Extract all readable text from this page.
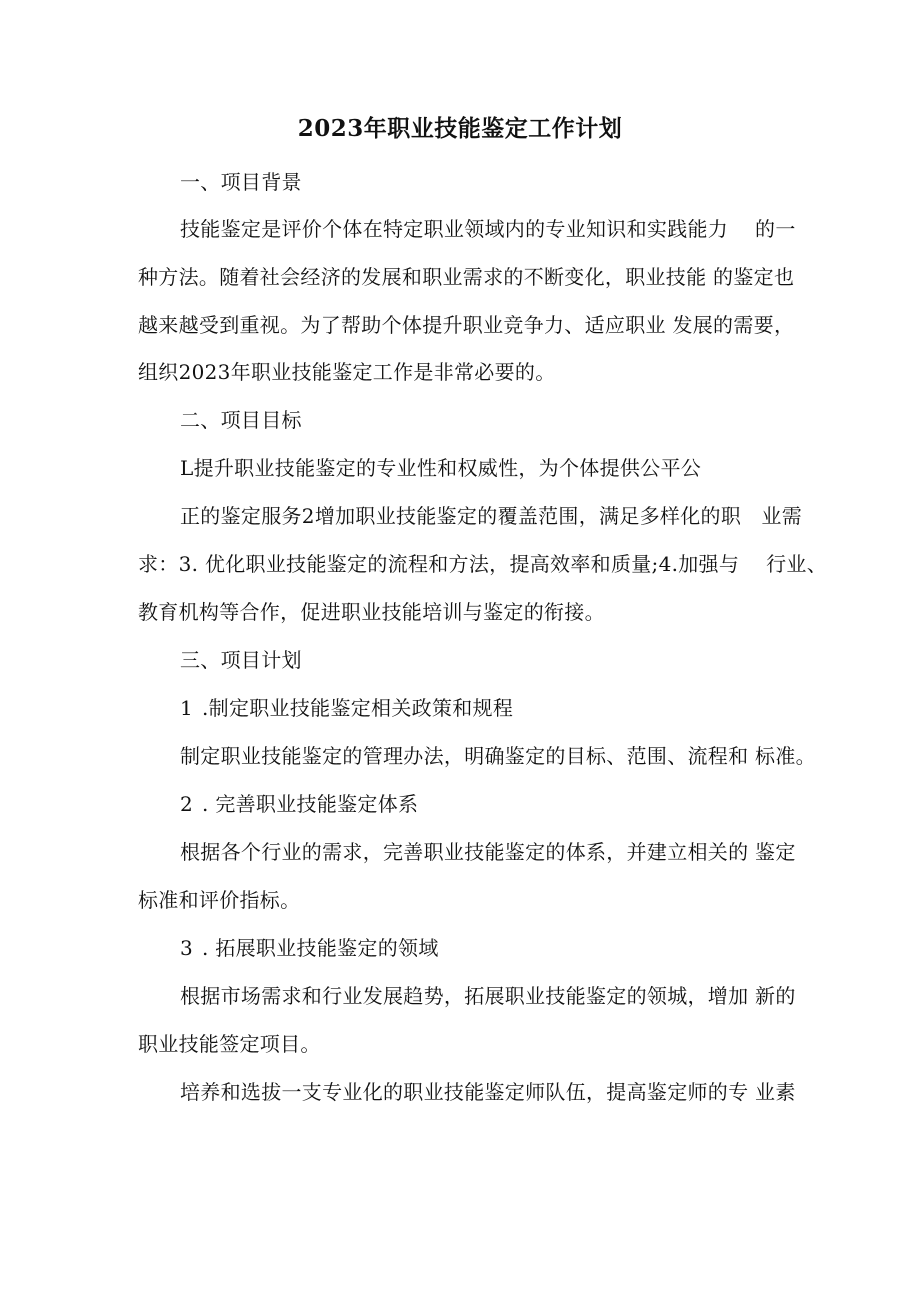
2023年职业技能鉴定工作计划
一、项目背景
技能鉴定是评价个体在特定职业领域内的专业知识和实践能力　 的一
种方法。随着社会经济的发展和职业需求的不断变化，职业技能 的鉴定也
越来越受到重视。为了帮助个体提升职业竞争力、适应职业 发展的需要，
组织2023年职业技能鉴定工作是非常必要的。
二、项目目标
L提升职业技能鉴定的专业性和权威性，为个体提供公平公
正的鉴定服务2增加职业技能鉴定的覆盖范围，满足多样化的职　业需
求：3. 优化职业技能鉴定的流程和方法，提高效率和质量;4.加强与　 行业、
教育机构等合作，促进职业技能培训与鉴定的衔接。
三、项目计划
1 .制定职业技能鉴定相关政策和规程
制定职业技能鉴定的管理办法，明确鉴定的目标、范围、流程和 标准。
2 . 完善职业技能鉴定体系
根据各个行业的需求，完善职业技能鉴定的体系，并建立相关的 鉴定
标准和评价指标。
3 . 拓展职业技能鉴定的领域
根据市场需求和行业发展趋势，拓展职业技能鉴定的领城，增加 新的
职业技能签定项目。
培养和选拔一支专业化的职业技能鉴定师队伍，提高鉴定师的专 业素
